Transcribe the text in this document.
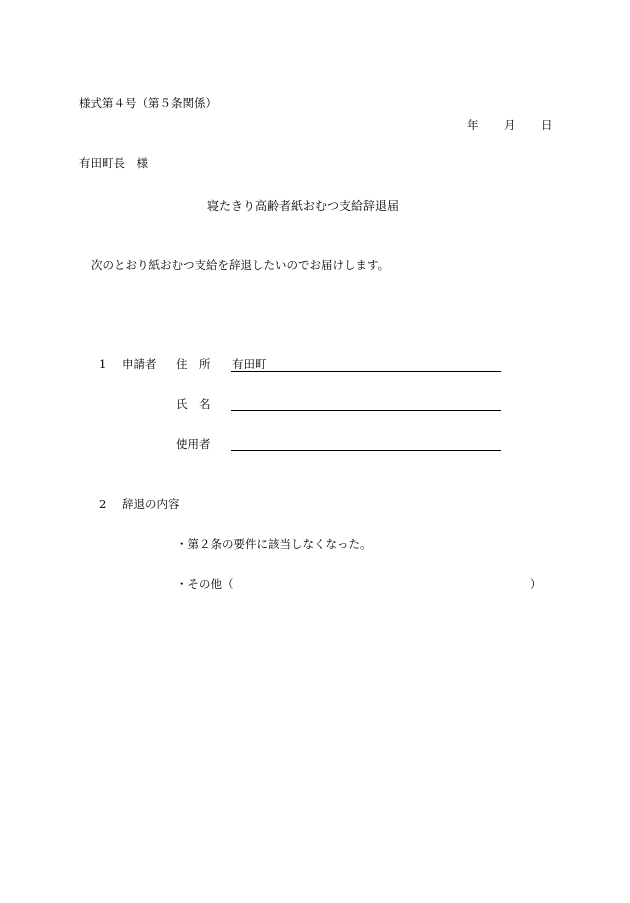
様式第４号（第５条関係）
年 月 日
有田町長　様
寝たきり高齢者紙おむつ支給辞退届
次のとおり紙おむつ支給を辞退したいのでお届けします。
1 申請者 住　所 有田町
氏　名
使用者
2 辞退の内容
・第２条の要件に該当しなくなった。
・その他（	）
